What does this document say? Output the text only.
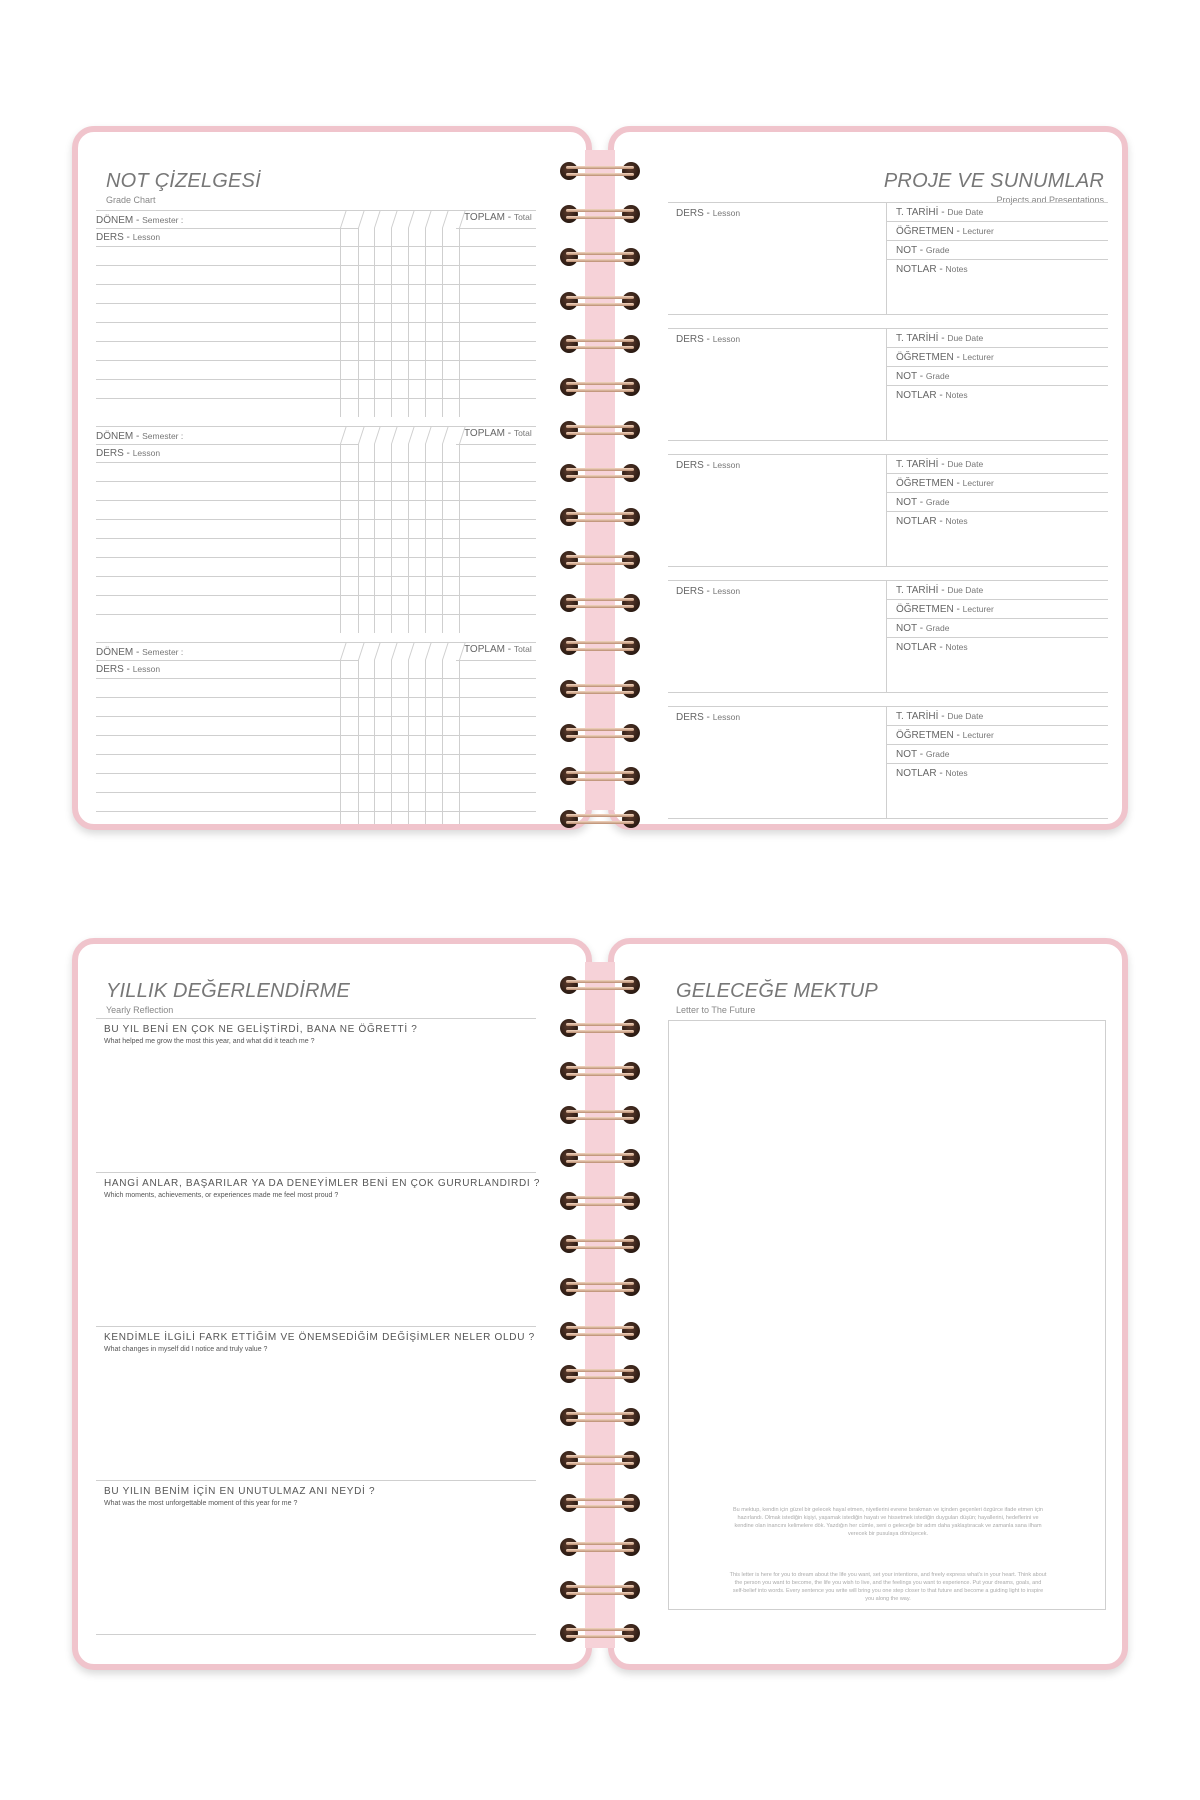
NOT ÇİZELGESİ
Grade Chart
DÖNEM - Semester :	TOPLAM - Total
DERS - Lesson
DÖNEM - Semester :	TOPLAM - Total
DERS - Lesson
DÖNEM - Semester :	TOPLAM - Total
DERS - Lesson
PROJE VE SUNUMLAR
Projects and Presentations
DERS - Lesson	T. TARİHİ - Due Date
ÖĞRETMEN - Lecturer
NOT - Grade
NOTLAR - Notes
DERS - Lesson	T. TARİHİ - Due Date
ÖĞRETMEN - Lecturer
NOT - Grade
NOTLAR - Notes
DERS - Lesson	T. TARİHİ - Due Date
ÖĞRETMEN - Lecturer
NOT - Grade
NOTLAR - Notes
DERS - Lesson	T. TARİHİ - Due Date
ÖĞRETMEN - Lecturer
NOT - Grade
NOTLAR - Notes
DERS - Lesson	T. TARİHİ - Due Date
ÖĞRETMEN - Lecturer
NOT - Grade
NOTLAR - Notes
YILLIK DEĞERLENDİRME
Yearly Reflection
BU YIL BENİ EN ÇOK NE GELİŞTİRDİ, BANA NE ÖĞRETTİ ?
What helped me grow the most this year, and what did it teach me ?
HANGİ ANLAR, BAŞARILAR YA DA DENEYİMLER BENİ EN ÇOK GURURLANDIRDI ?
Which moments, achievements, or experiences made me feel most proud ?
KENDİMLE İLGİLİ FARK ETTİĞİM VE ÖNEMSEDİĞİM DEĞİŞİMLER NELER OLDU ?
What changes in myself did I notice and truly value ?
BU YILIN BENİM İÇİN EN UNUTULMAZ ANI NEYDİ ?
What was the most unforgettable moment of this year for me ?
GELECEĞE MEKTUP
Letter to The Future
Bu mektup, kendin için güzel bir gelecek hayal etmen, niyetlerini evrene bırakman ve içinden geçenleri özgürce ifade etmen için hazırlandı. Olmak istediğin kişiyi, yaşamak istediğin hayatı ve hissetmek istediğin duyguları düşün; hayallerini, hedeflerini ve kendine olan inancını kelimelere dök. Yazdığın her cümle, seni o geleceğe bir adım daha yaklaştıracak ve zamanla sana ilham verecek bir pusulaya dönüşecek.
This letter is here for you to dream about the life you want, set your intentions, and freely express what's in your heart. Think about the person you want to become, the life you wish to live, and the feelings you want to experience. Put your dreams, goals, and self-belief into words. Every sentence you write will bring you one step closer to that future and become a guiding light to inspire you along the way.
